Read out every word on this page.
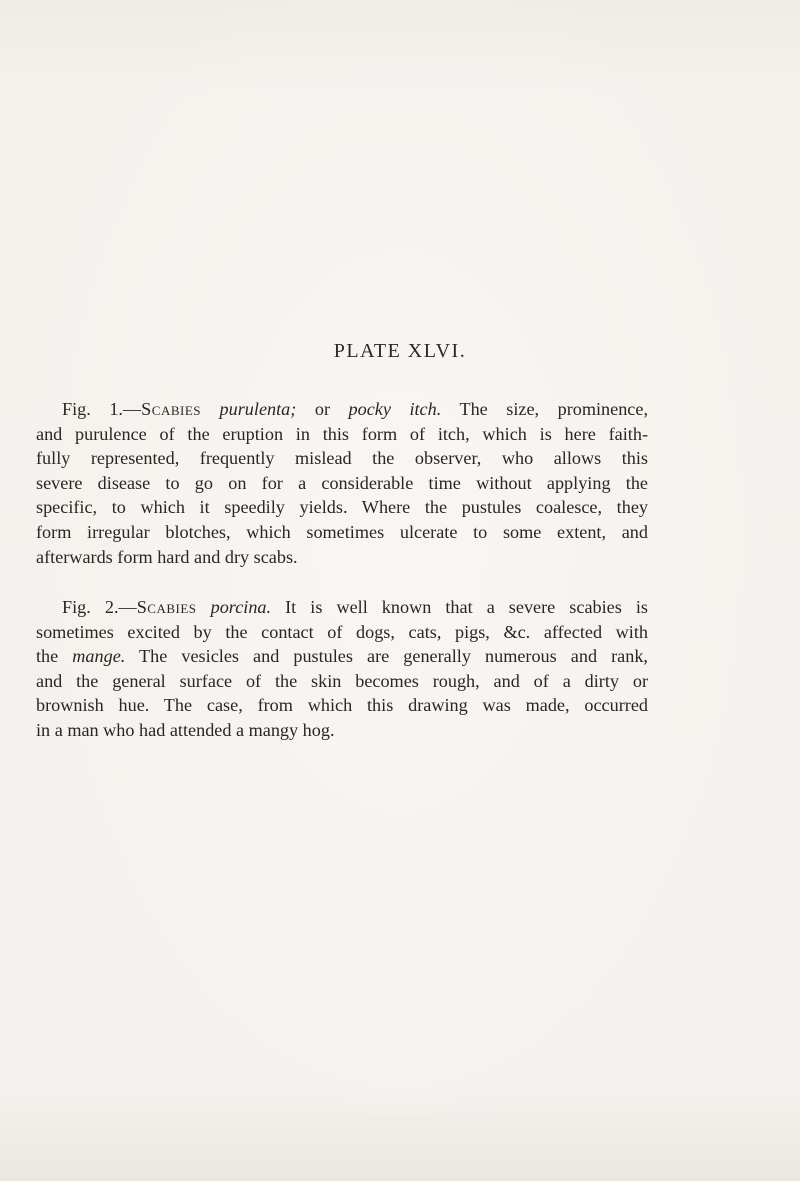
PLATE XLVI.
Fig. 1.—Scabies purulenta; or pocky itch. The size, prominence,
and purulence of the eruption in this form of itch, which is here faith-
fully represented, frequently mislead the observer, who allows this
severe disease to go on for a considerable time without applying the
specific, to which it speedily yields. Where the pustules coalesce, they
form irregular blotches, which sometimes ulcerate to some extent, and
afterwards form hard and dry scabs.
Fig. 2.—Scabies porcina. It is well known that a severe scabies is
sometimes excited by the contact of dogs, cats, pigs, &c. affected with
the mange. The vesicles and pustules are generally numerous and rank,
and the general surface of the skin becomes rough, and of a dirty or
brownish hue. The case, from which this drawing was made, occurred
in a man who had attended a mangy hog.
